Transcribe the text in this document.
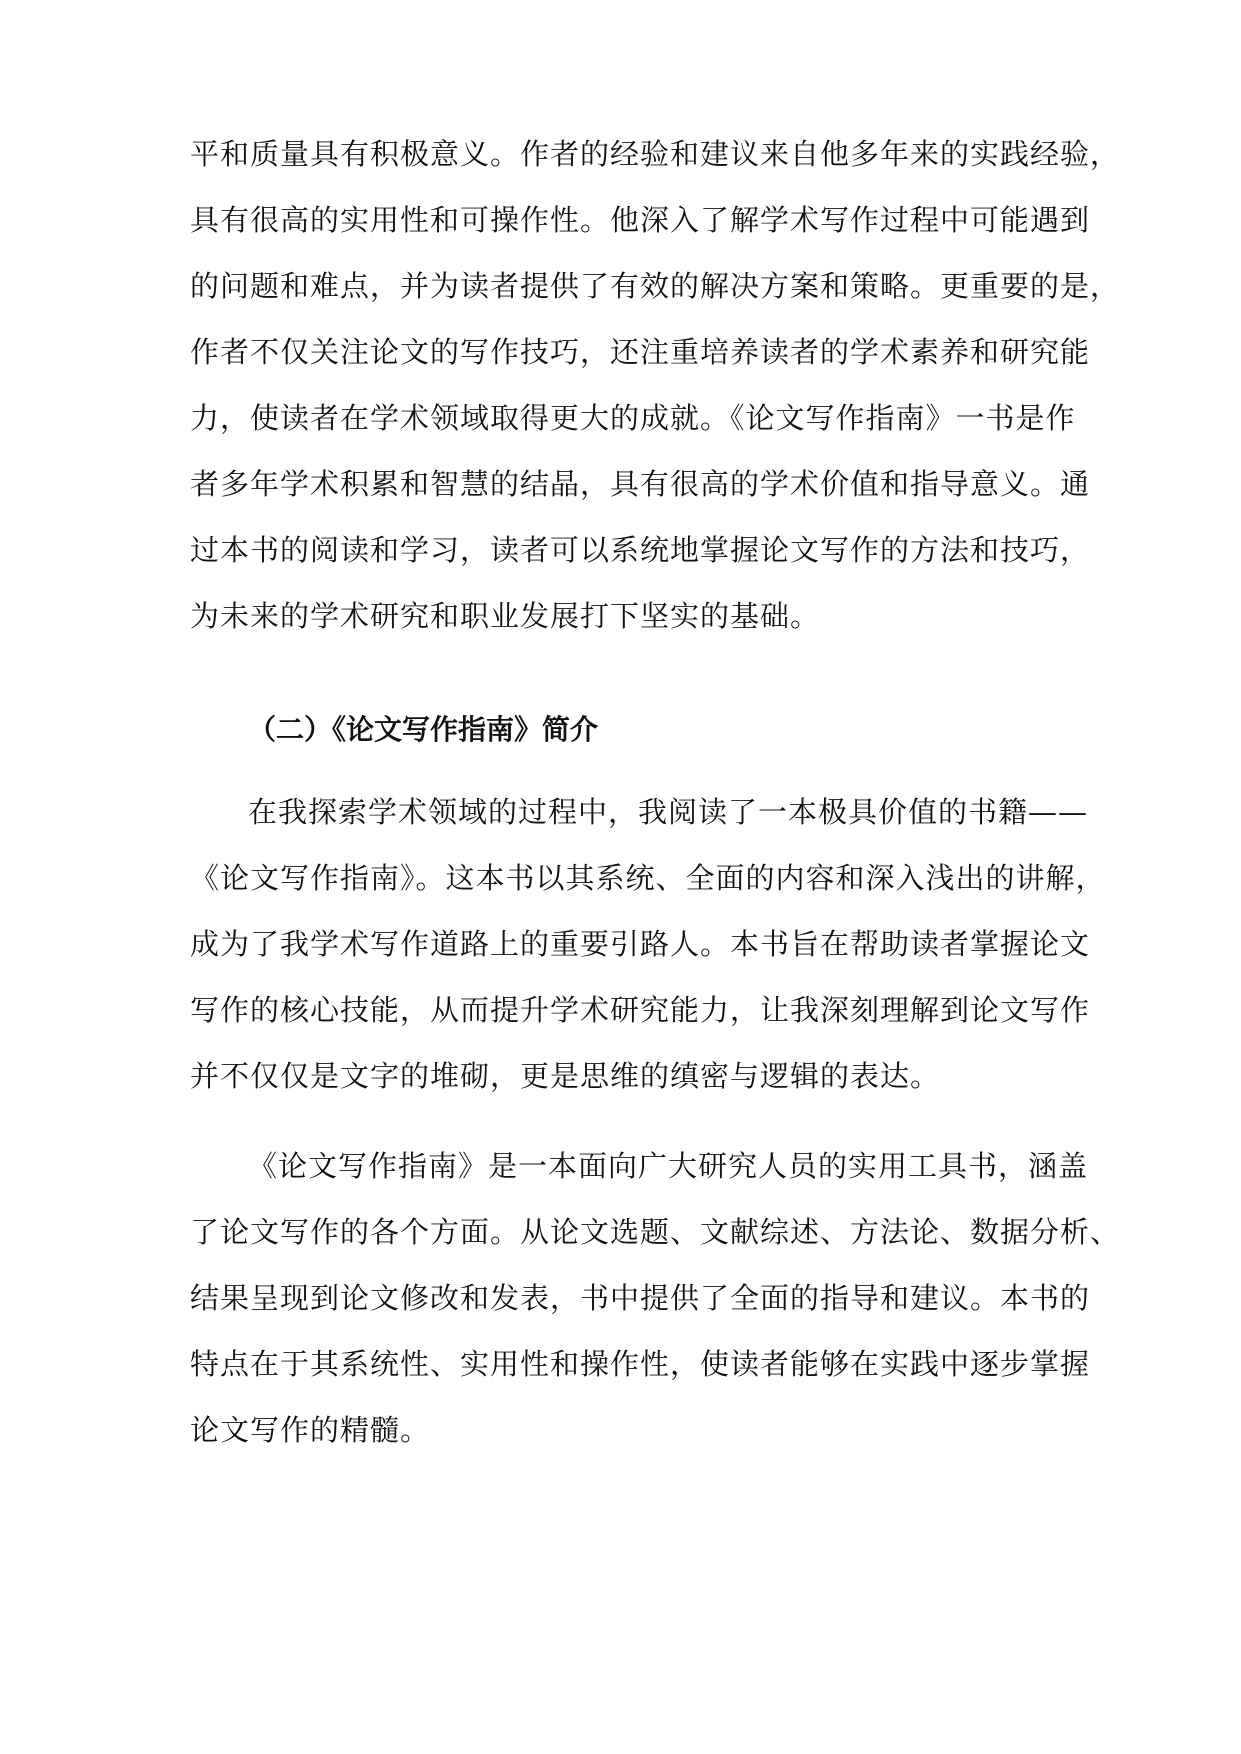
平和质量具有积极意义。作者的经验和建议来自他多年来的实践经验，
具有很高的实用性和可操作性。他深入了解学术写作过程中可能遇到
的问题和难点，并为读者提供了有效的解决方案和策略。更重要的是，
作者不仅关注论文的写作技巧，还注重培养读者的学术素养和研究能
力，使读者在学术领域取得更大的成就。《论文写作指南》一书是作
者多年学术积累和智慧的结晶，具有很高的学术价值和指导意义。通
过本书的阅读和学习，读者可以系统地掌握论文写作的方法和技巧，
为未来的学术研究和职业发展打下坚实的基础。
（二）《论文写作指南》简介
在我探索学术领域的过程中，我阅读了一本极具价值的书籍——
《论文写作指南》。这本书以其系统、全面的内容和深入浅出的讲解，
成为了我学术写作道路上的重要引路人。本书旨在帮助读者掌握论文
写作的核心技能，从而提升学术研究能力，让我深刻理解到论文写作
并不仅仅是文字的堆砌，更是思维的缜密与逻辑的表达。
《论文写作指南》是一本面向广大研究人员的实用工具书，涵盖
了论文写作的各个方面。从论文选题、文献综述、方法论、数据分析、
结果呈现到论文修改和发表，书中提供了全面的指导和建议。本书的
特点在于其系统性、实用性和操作性，使读者能够在实践中逐步掌握
论文写作的精髓。
